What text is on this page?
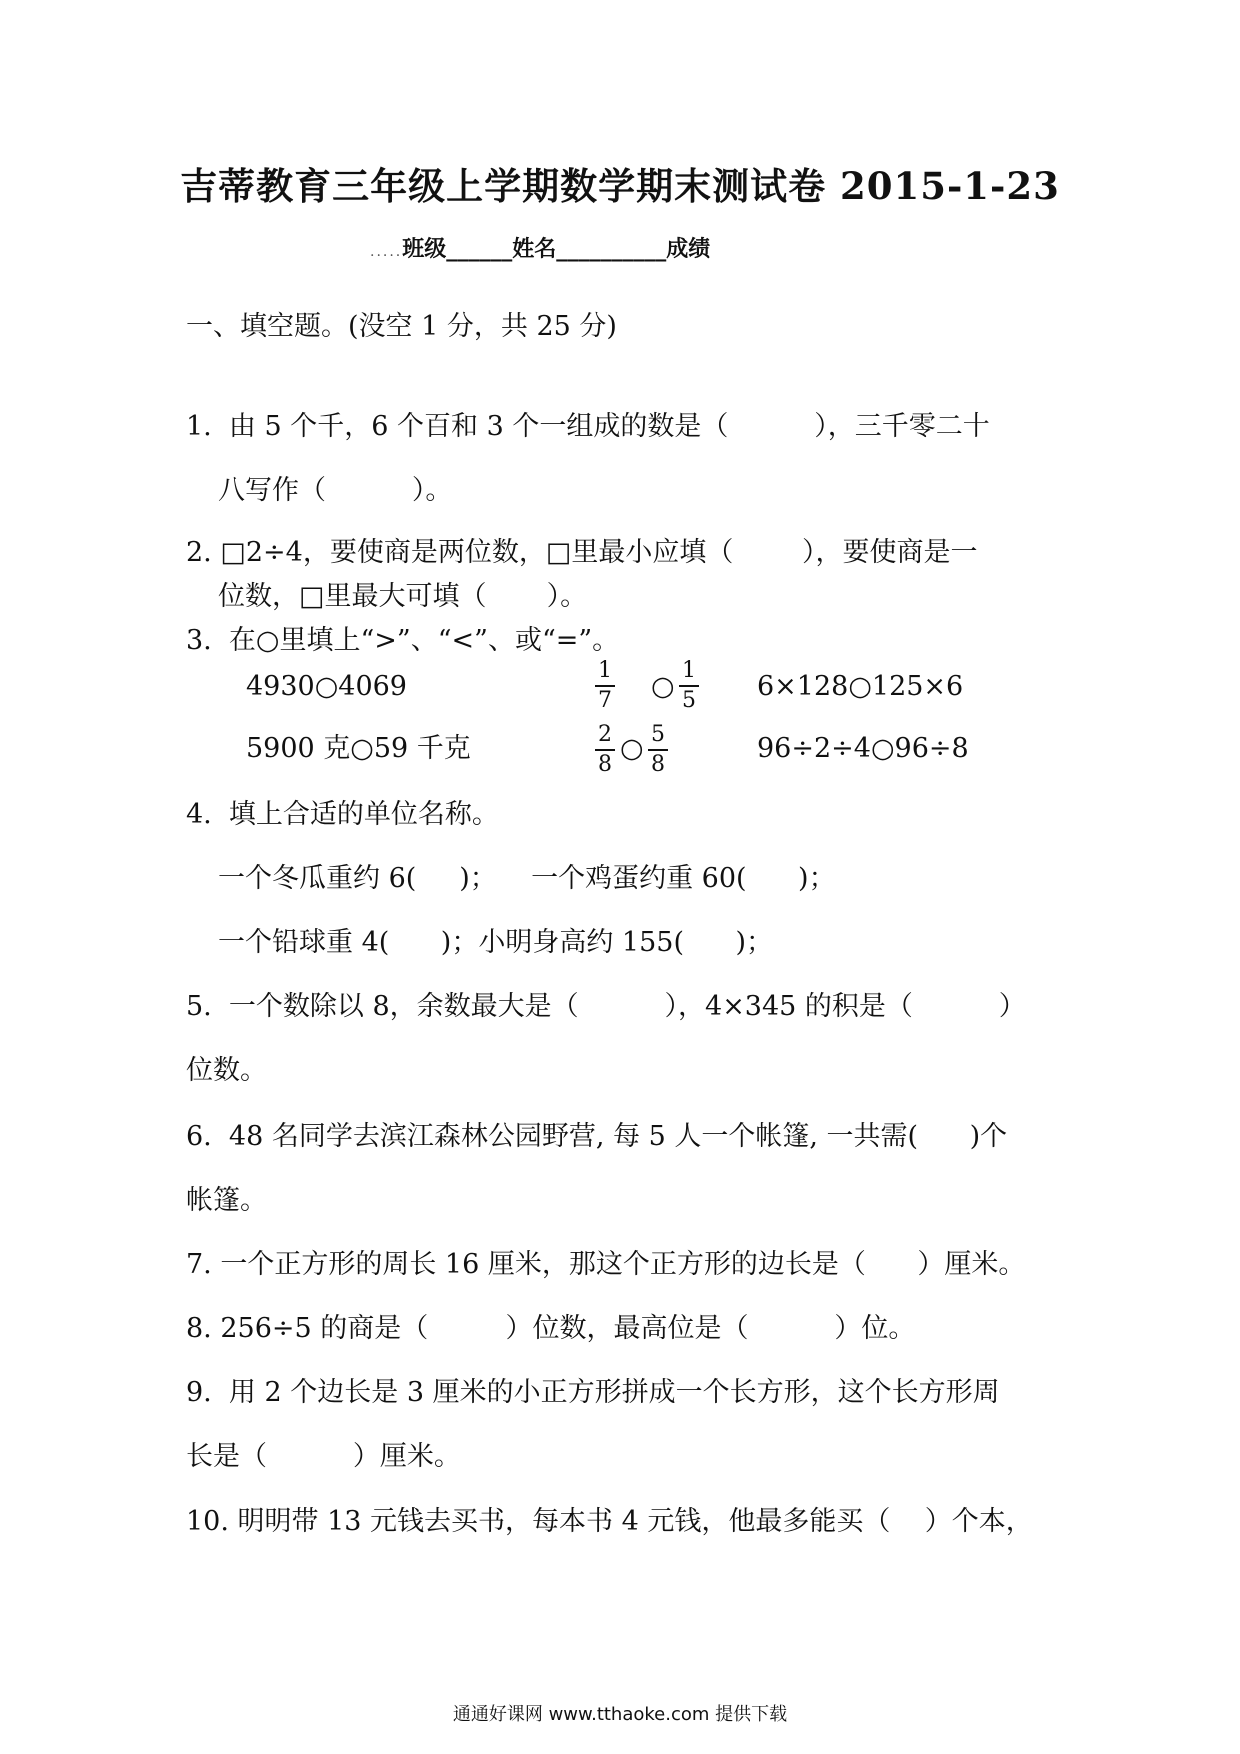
吉蒂教育三年级上学期数学期末测试卷 2015-1-23
.....班级______姓名__________成绩
一、填空题。(没空 1 分，共 25 分)
1.  由 5 个千，6 个百和 3 个一组成的数是（          ），三千零二十
八写作（          ）。
2. □2÷4，要使商是两位数，□里最小应填（        ），要使商是一
位数，□里最大可填（       ）。
3.  在○里填上“>”、“<”、或“=”。
4930○4069
1
7 ○
1
5 6×128○125×6
5900 克○59 千克	2
8
○ 5
8
96÷2÷4○96÷8
4.  填上合适的单位名称。
一个冬瓜重约 6(     )；    一个鸡蛋约重 60(      )；
一个铅球重 4(      )；小明身高约 155(      )；
5.  一个数除以 8，余数最大是（          ），4×345 的积是（          ）
位数。
6.  48 名同学去滨江森林公园野营, 每 5 人一个帐篷, 一共需(      )个
帐篷。
7. 一个正方形的周长 16 厘米，那这个正方形的边长是（      ）厘米。
8. 256÷5 的商是（         ）位数，最高位是（          ）位。
9.  用 2 个边长是 3 厘米的小正方形拼成一个长方形，这个长方形周
长是（          ）厘米。
10. 明明带 13 元钱去买书，每本书 4 元钱，他最多能买（    ）个本，
通通好课网 www.tthaoke.com 提供下载
